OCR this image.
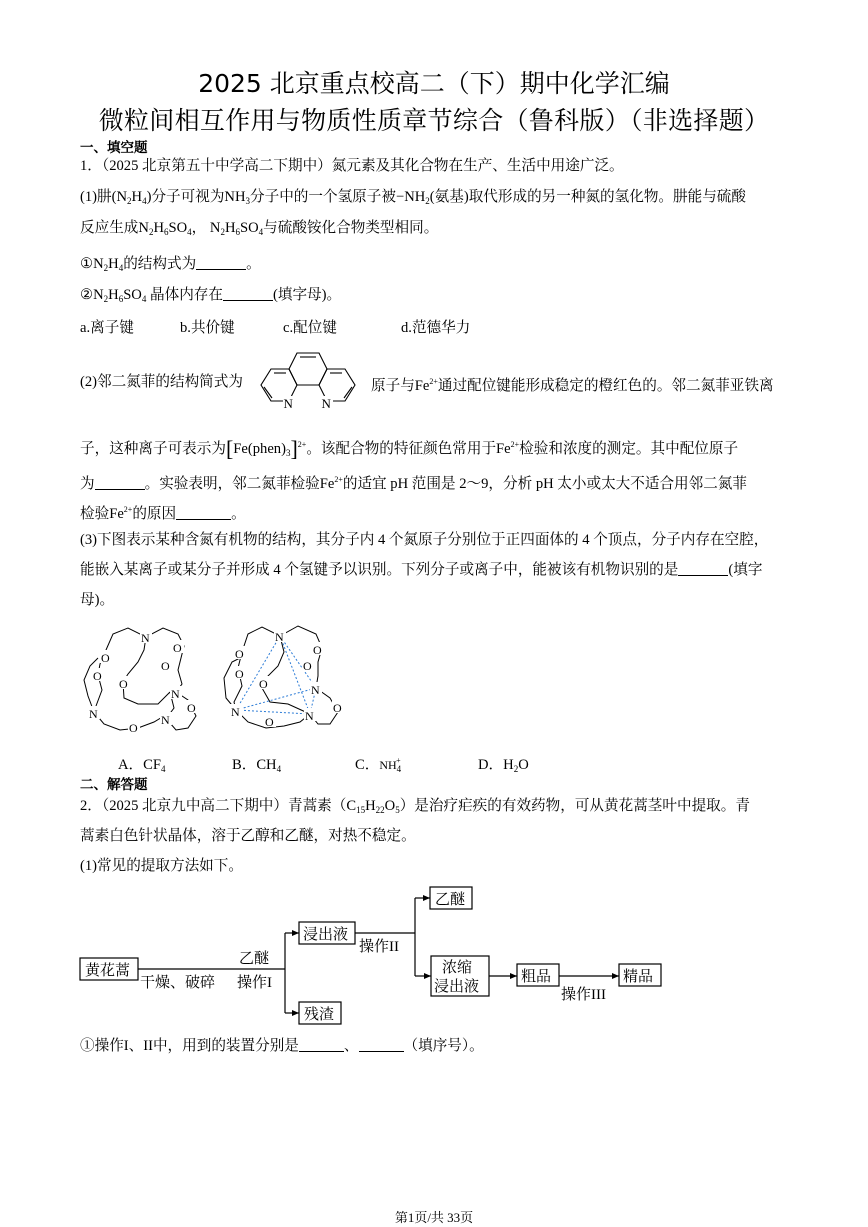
2025 北京重点校高二（下）期中化学汇编
微粒间相互作用与物质性质章节综合（鲁科版）（非选择题）
一、填空题
1．（2025 北京第五十中学高二下期中）氮元素及其化合物在生产、生活中用途广泛。
(1)肼$(N_2H_4)$分子可视为$NH_3$分子中的一个氢原子被$-NH_2$(氨基)取代形成的另一种氮的氢化物。肼能与硫酸
反应生成$N_2H_6SO_4$， $N_2H_6SO_4$与硫酸铵化合物类型相同。
$①N_2H_4$的结构式为	。
$②N_2H_6SO_4$ 晶体内存在	(填字母)。
a.离子键	b.共价键	c.配位键	d.范德华力
(2)邻二氮菲的结构简式为
N N
原子与$Fe^{2+}$通过配位键能形成稳定的橙红色的。邻二氮菲亚铁离
子，这种离子可表示为$[Fe(phen)_3]^{2+}$。该配合物的特征颜色常用于$Fe^{2+}$检验和浓度的测定。其中配位原子
为	。实验表明，邻二氮菲检验$Fe^{2+}$的适宜 pH 范围是 2～9，分析 pH 太小或太大不适合用邻二氮菲
检验$Fe^{2+}$的原因	。
(3)下图表示某种含氮有机物的结构，其分子内 4 个氮原子分别位于正四面体的 4 个顶点，分子内存在空腔，
能嵌入某离子或某分子并形成 4 个氢键予以识别。下列分子或离子中，能被该有机物识别的是	(填字
母)。
N
N
N
N
O
O
O
O
O
O
O
N
N
N
N
O
O
O
O
O
O
O
A．$CF_4$	B．$CH_4$	C．$NH_4^+$	D．$H_2O$
二、解答题
2．（2025 北京九中高二下期中）青蒿素$(C_{15}H_{22}O_5)$是治疗疟疾的有效药物，可从黄花蒿茎叶中提取。青
蒿素白色针状晶体，溶于乙醇和乙醚，对热不稳定。
(1)常见的提取方法如下。
黄花蒿
干燥、破碎
乙醚
操作I
浸出液
残渣
操作II
乙醚
浓缩
浸出液
粗品
操作III
精品
①操作I、II中，用到的装置分别是	、	（填序号）。
第1页/共 33页
